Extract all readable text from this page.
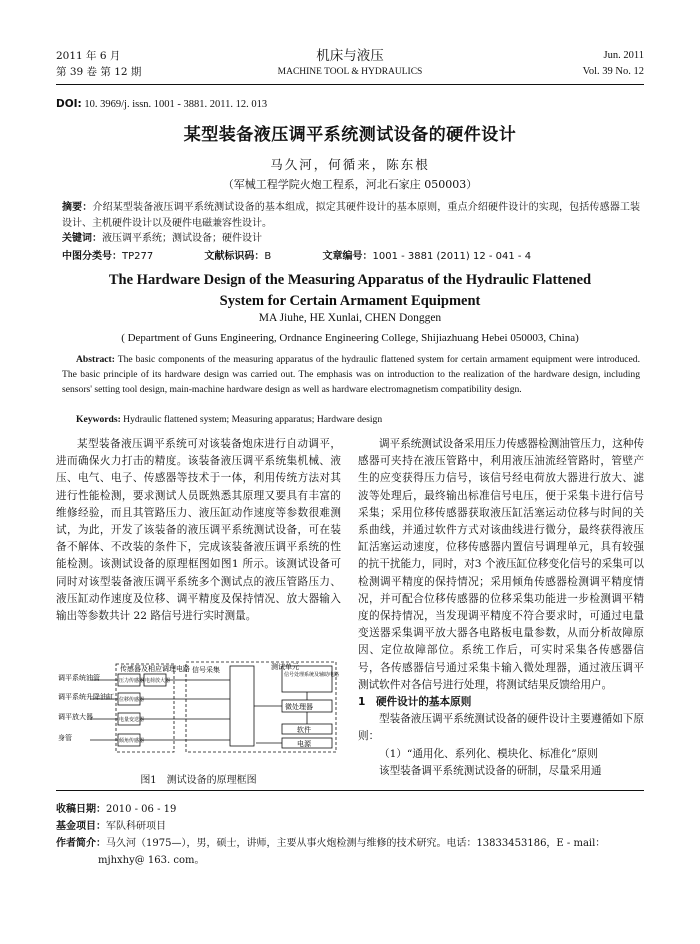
2011 年 6 月
第 39 卷 第 12 期
机床与液压
MACHINE TOOL & HYDRAULICS
Jun. 2011
Vol. 39 No. 12
DOI: 10. 3969/j. issn. 1001 - 3881. 2011. 12. 013
某型装备液压调平系统测试设备的硬件设计
马久河，何循来，陈东根
（军械工程学院火炮工程系，河北石家庄 050003）

摘要：介绍某型装备液压调平系统测试设备的基本组成，拟定其硬件设计的基本原则，重点介绍硬件设计的实现，包括传感器工装设计、主机硬件设计以及硬件电磁兼容性设计。

关键词：液压调平系统；测试设备；硬件设计

中图分类号：TP277	文献标识码：B	文章编号：1001 - 3881 (2011) 12 - 041 - 4
The Hardware Design of the Measuring Apparatus of the Hydraulic Flattened
System for Certain Armament Equipment
MA Jiuhe, HE Xunlai, CHEN Donggen
( Department of Guns Engineering, Ordnance Engineering College, Shijiazhuang Hebei 050003, China)

Abstract: The basic components of the measuring apparatus of the hydraulic flattened system for certain armament equipment were introduced. The basic principle of its hardware design was carried out. The emphasis was on introduction to the realization of the hardware design, including sensors' setting tool design, main-machine hardware design as well as hardware electromagnetism compatibility design.

Keywords: Hydraulic flattened system; Measuring apparatus; Hardware design

某型装备液压调平系统可对该装备炮床进行自动调平，进而确保火力打击的精度。该装备液压调平系统集机械、液压、电气、电子、传感器等技术于一体，利用传统方法对其进行性能检测，要求测试人员既熟悉其原理又要具有丰富的维修经验，而且其管路压力、液压缸动作速度等参数很难测试，为此，开发了该装备的液压调平系统测试设备，可在装备不解体、不改装的条件下，完成该装备液压调平系统的性能检测。该测试设备的原理框图如图1 所示。该测试设备可同时对该型装备液压调平系统多个测试点的液压管路压力、液压缸动作速度及位移、调平精度及保持情况、放大器输入输出等参数共计 22 路信号进行实时测量。

调平系统测试设备采用压力传感器检测油管压力，这种传感器可夹持在液压管路中，利用液压油流经管路时，管壁产生的应变获得压力信号，该信号经电荷放大器进行放大、滤波等处理后，最终输出标准信号电压，便于采集卡进行信号采集；采用位移传感器获取液压缸活塞运动位移与时间的关系曲线，并通过软件方式对该曲线进行微分，最终获得液压缸活塞运动速度，位移传感器内置信号调理单元，具有较强的抗干扰能力，同时，对3 个液压缸位移变化信号的采集可以检测调平精度的保持情况；采用倾角传感器检测调平精度情况，并可配合位移传感器的位移采集功能进一步检测调平精度的保持情况，当发现调平精度不符合要求时，可通过电量变送器采集调平放大器各电路板电量参数，从而分析故障原因、定位故障部位。系统工作后，可实时采集各传感器信号，各传感器信号通过采集卡输入微处理器，通过液压调平测试软件对各信号进行处理，将测试结果反馈给用户。

1　硬件设计的基本原则

型装备液压调平系统测试设备的硬件设计主要遵循如下原则：

（1）“通用化、系列化、模块化、标准化”原则

该型装备调平系统测试设备的研制，尽量采用通

传感器及相应调理电路	测试单元
调平系统油管
调平系统升降油缸
调平放大器
身管
压力传感器 电荷放大器
位移传感器
电量变送器
倾角传感器
信号采集
信号处理系统及辅助电路
微处理器
软件
电源
图1　测试设备的原理框图
收稿日期：2010 - 06 - 19
基金项目：军队科研项目
作者简介：马久河（1975—），男，硕士，讲师，主要从事火炮检测与维修的技术研究。电话：13833453186，E - mail：
mjhxhy@ 163. com。
